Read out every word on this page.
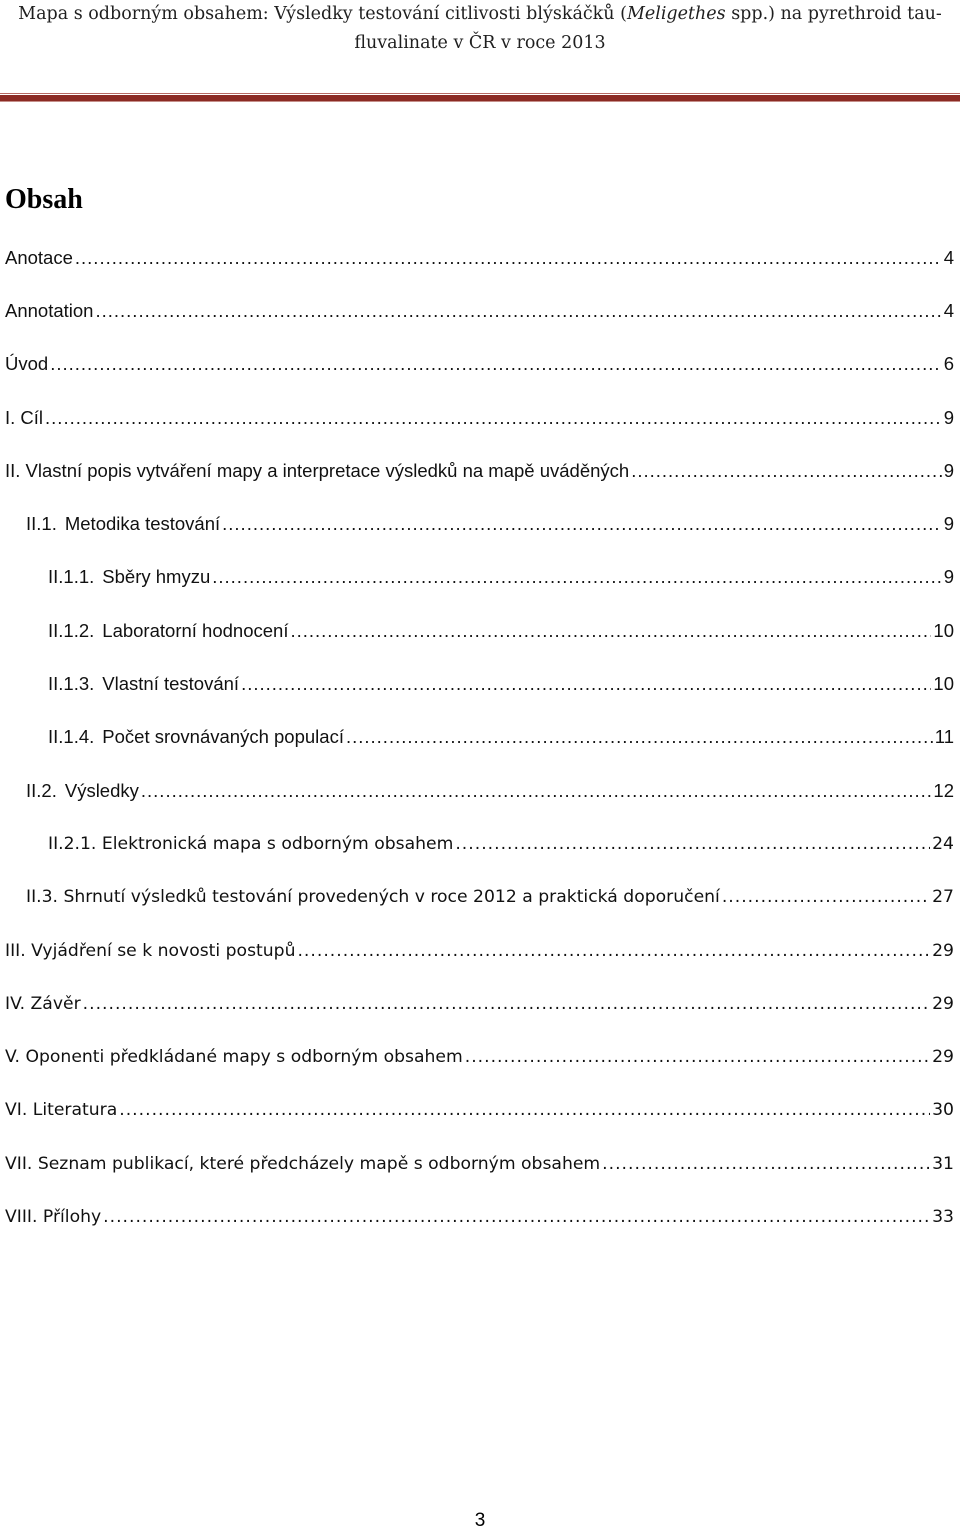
Mapa s odborným obsahem: Výsledky testování citlivosti blýskáčků (Meligethes spp.) na pyrethroid tau-
fluvalinate v ČR v roce 2013
Obsah
Anotace .....	4
Annotation .....	4
Úvod .....	6
I. Cíl .....	9
II. Vlastní popis vytváření mapy a interpretace výsledků na mapě uváděných .....	9
II.1. Metodika testování .....	9
II.1.1. Sběry hmyzu .....	9
II.1.2. Laboratorní hodnocení .....	10
II.1.3. Vlastní testování .....	10
II.1.4. Počet srovnávaných populací .....	11
II.2. Výsledky .....	12
II.2.1. Elektronická mapa s odborným obsahem .....	24
II.3. Shrnutí výsledků testování provedených v roce 2012 a praktická doporučení .....	27
III. Vyjádření se k novosti postupů .....	29
IV. Závěr .....	29
V. Oponenti předkládané mapy s odborným obsahem .....	29
VI. Literatura .....	30
VII. Seznam publikací, které předcházely mapě s odborným obsahem .....	31
VIII. Přílohy .....	33
3
